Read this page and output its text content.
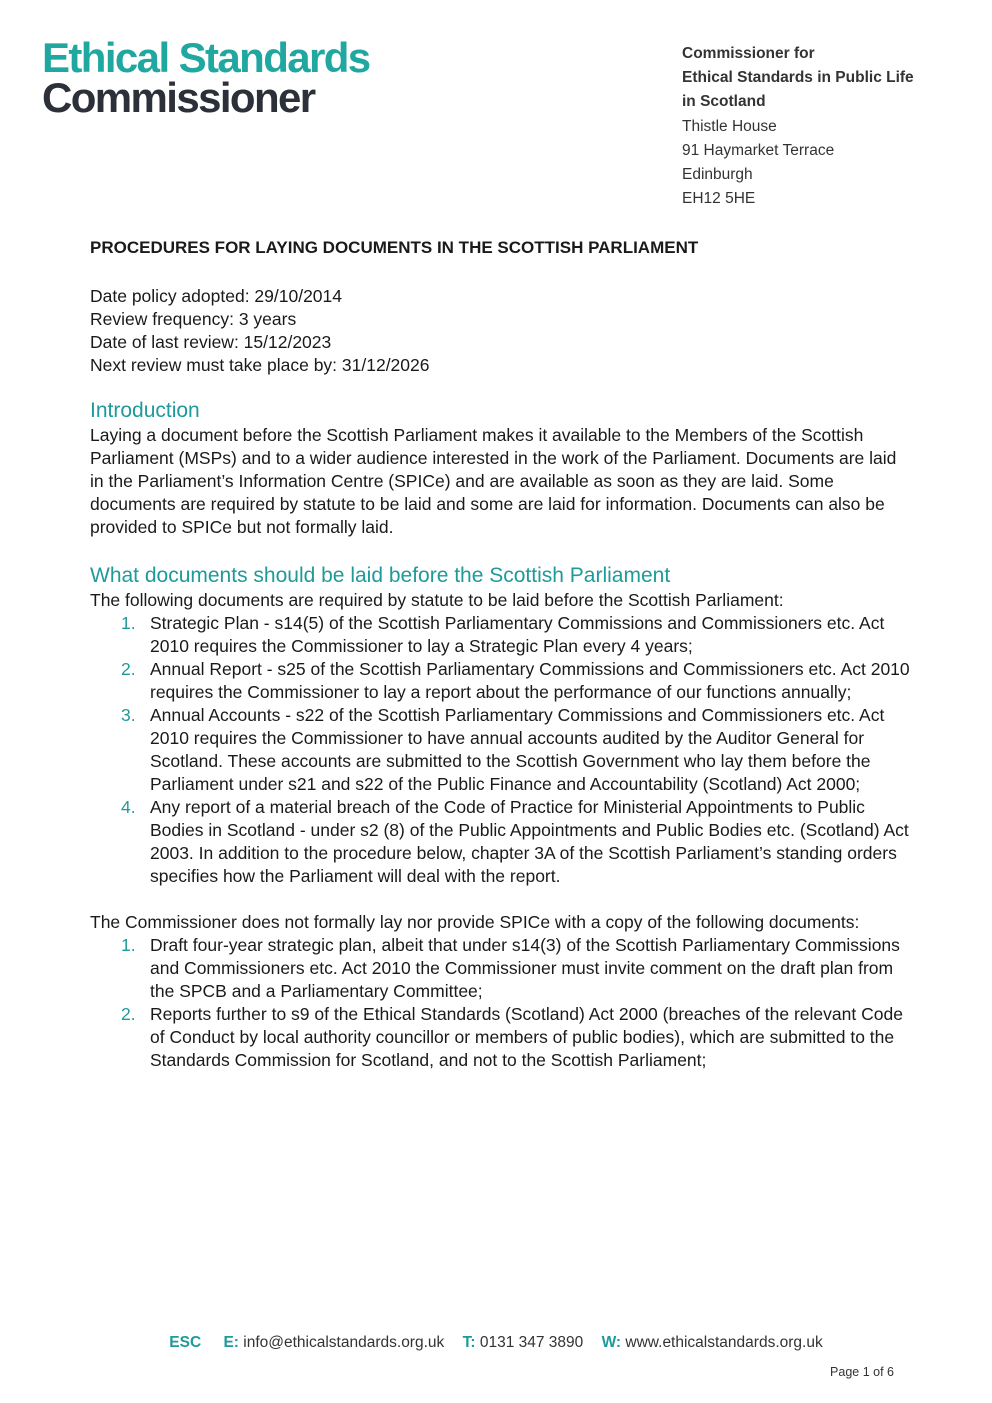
Ethical Standards
Commissioner
Commissioner for
Ethical Standards in Public Life
in Scotland
Thistle House
91 Haymarket Terrace
Edinburgh
EH12 5HE
PROCEDURES FOR LAYING DOCUMENTS IN THE SCOTTISH PARLIAMENT
Date policy adopted: 29/10/2014
Review frequency: 3 years
Date of last review: 15/12/2023
Next review must take place by: 31/12/2026
Introduction

Laying a document before the Scottish Parliament makes it available to the Members of the Scottish Parliament (MSPs) and to a wider audience interested in the work of the Parliament. Documents are laid in the Parliament’s Information Centre (SPICe) and are available as soon as they are laid. Some documents are required by statute to be laid and some are laid for information. Documents can also be provided to SPICe but not formally laid.

What documents should be laid before the Scottish Parliament

The following documents are required by statute to be laid before the Scottish Parliament:

1. Strategic Plan - s14(5) of the Scottish Parliamentary Commissions and Commissioners etc. Act 2010 requires the Commissioner to lay a Strategic Plan every 4 years;
2. Annual Report - s25 of the Scottish Parliamentary Commissions and Commissioners etc. Act 2010 requires the Commissioner to lay a report about the performance of our functions annually;
3. Annual Accounts - s22 of the Scottish Parliamentary Commissions and Commissioners etc. Act 2010 requires the Commissioner to have annual accounts audited by the Auditor General for Scotland. These accounts are submitted to the Scottish Government who lay them before the Parliament under s21 and s22 of the Public Finance and Accountability (Scotland) Act 2000;
4. Any report of a material breach of the Code of Practice for Ministerial Appointments to Public Bodies in Scotland - under s2 (8) of the Public Appointments and Public Bodies etc. (Scotland) Act 2003. In addition to the procedure below, chapter 3A of the Scottish Parliament’s standing orders specifies how the Parliament will deal with the report.

The Commissioner does not formally lay nor provide SPICe with a copy of the following documents:

1. Draft four-year strategic plan, albeit that under s14(3) of the Scottish Parliamentary Commissions and Commissioners etc. Act 2010 the Commissioner must invite comment on the draft plan from the SPCB and a Parliamentary Committee;
2. Reports further to s9 of the Ethical Standards (Scotland) Act 2000 (breaches of the relevant Code of Conduct by local authority councillor or members of public bodies), which are submitted to the Standards Commission for Scotland, and not to the Scottish Parliament;
ESC E: info@ethicalstandards.org.uk T: 0131 347 3890 W: www.ethicalstandards.org.uk
Page 1 of 6
